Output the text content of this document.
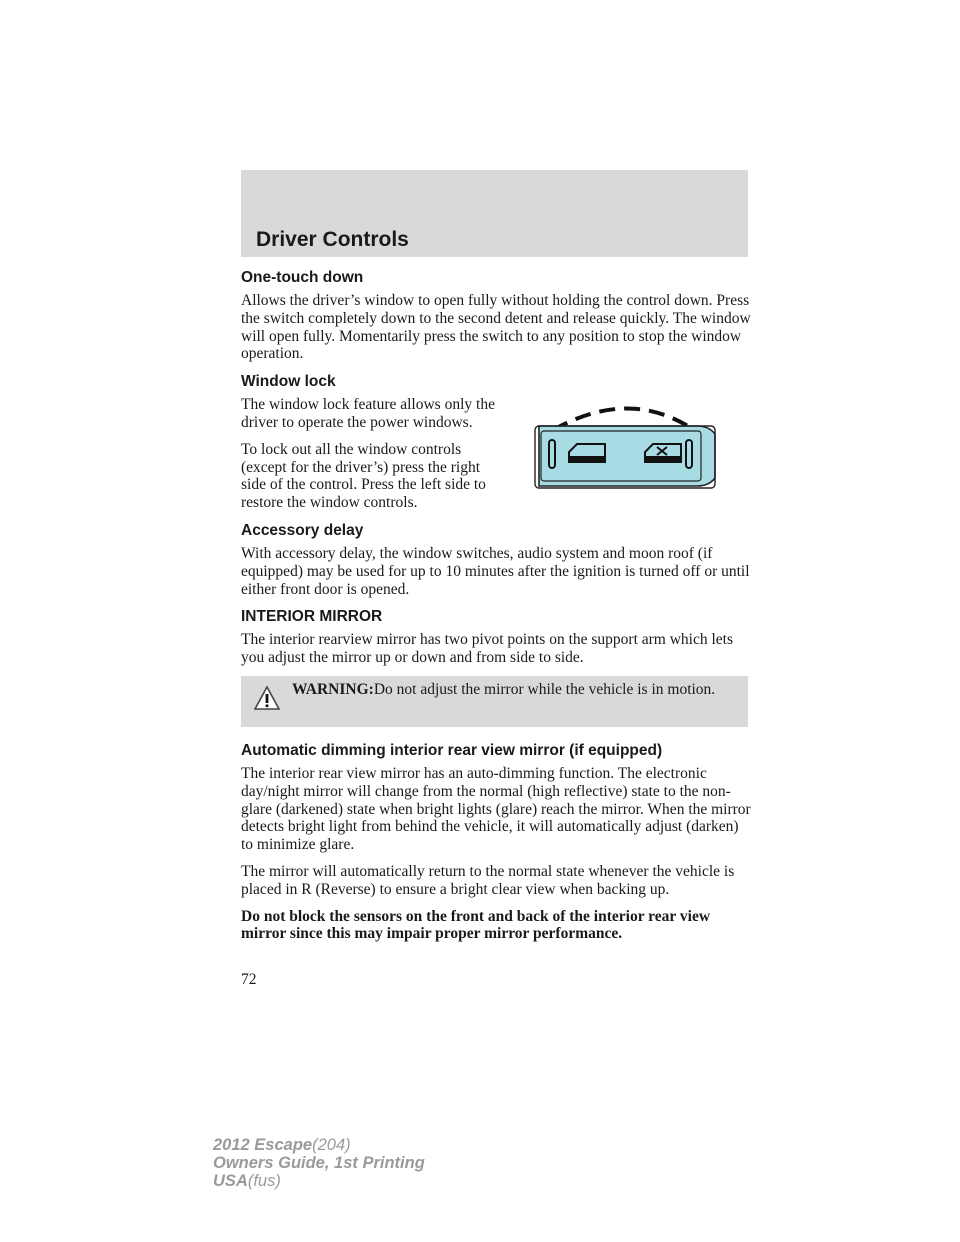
Driver Controls
One-touch down

Allows the driver’s window to open fully without holding the control down. Press the switch completely down to the second detent and release quickly. The window will open fully. Momentarily press the switch to any position to stop the window operation.

Window lock

The window lock feature allows only the driver to operate the power windows.

To lock out all the window controls (except for the driver’s) press the right side of the control. Press the left side to restore the window controls.

Accessory delay

With accessory delay, the window switches, audio system and moon roof (if equipped) may be used for up to 10 minutes after the ignition is turned off or until either front door is opened.

INTERIOR MIRROR

The interior rearview mirror has two pivot points on the support arm which lets you adjust the mirror up or down and from side to side.

WARNING:Do not adjust the mirror while the vehicle is in motion.
Automatic dimming interior rear view mirror (if equipped)

The interior rear view mirror has an auto-dimming function. The electronic day/night mirror will change from the normal (high reflective) state to the non-glare (darkened) state when bright lights (glare) reach the mirror. When the mirror detects bright light from behind the vehicle, it will automatically adjust (darken) to minimize glare.

The mirror will automatically return to the normal state whenever the vehicle is placed in R (Reverse) to ensure a bright clear view when backing up.

Do not block the sensors on the front and back of the interior rear view mirror since this may impair proper mirror performance.

72
2012 Escape(204)
Owners Guide, 1st Printing
USA(fus)
